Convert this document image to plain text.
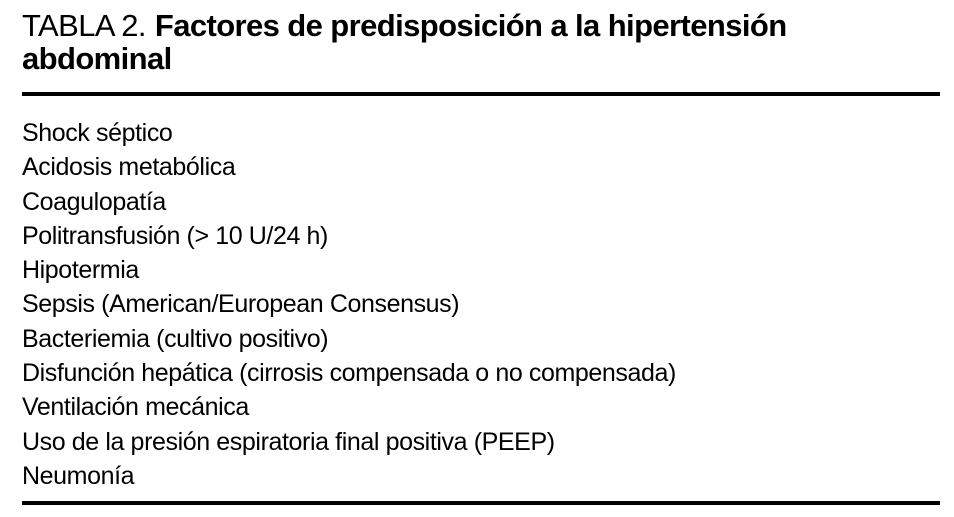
TABLA 2. Factores de predisposición a la hipertensión
abdominal
Shock séptico
Acidosis metabólica
Coagulopatía
Politransfusión (> 10 U/24 h)
Hipotermia
Sepsis (American/European Consensus)
Bacteriemia (cultivo positivo)
Disfunción hepática (cirrosis compensada o no compensada)
Ventilación mecánica
Uso de la presión espiratoria final positiva (PEEP)
Neumonía
